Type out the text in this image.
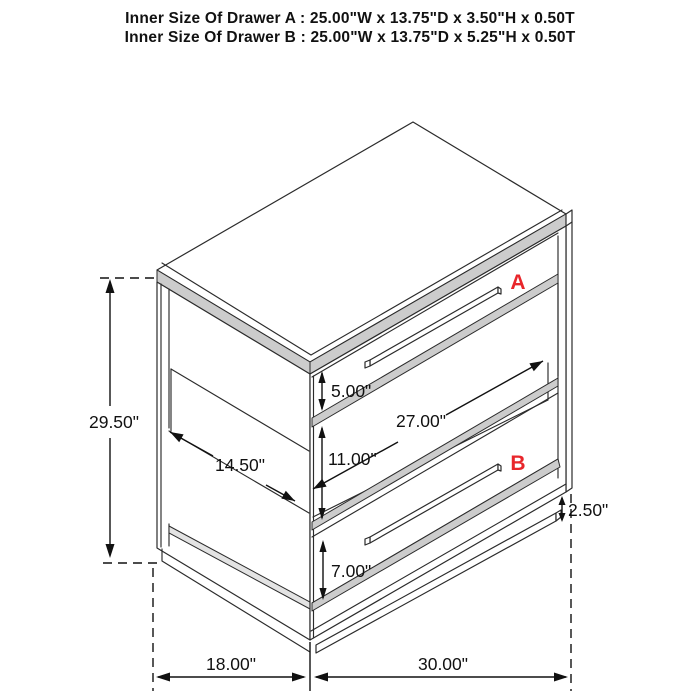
Inner Size Of Drawer A : 25.00"W x 13.75"D x 3.50"H x 0.50T
Inner Size Of Drawer B : 25.00"W x 13.75"D x 5.25"H x 0.50T
A
B
29.50"
5.00"
11.00"
7.00"
27.00"
14.50"
2.50"
18.00"	30.00"
